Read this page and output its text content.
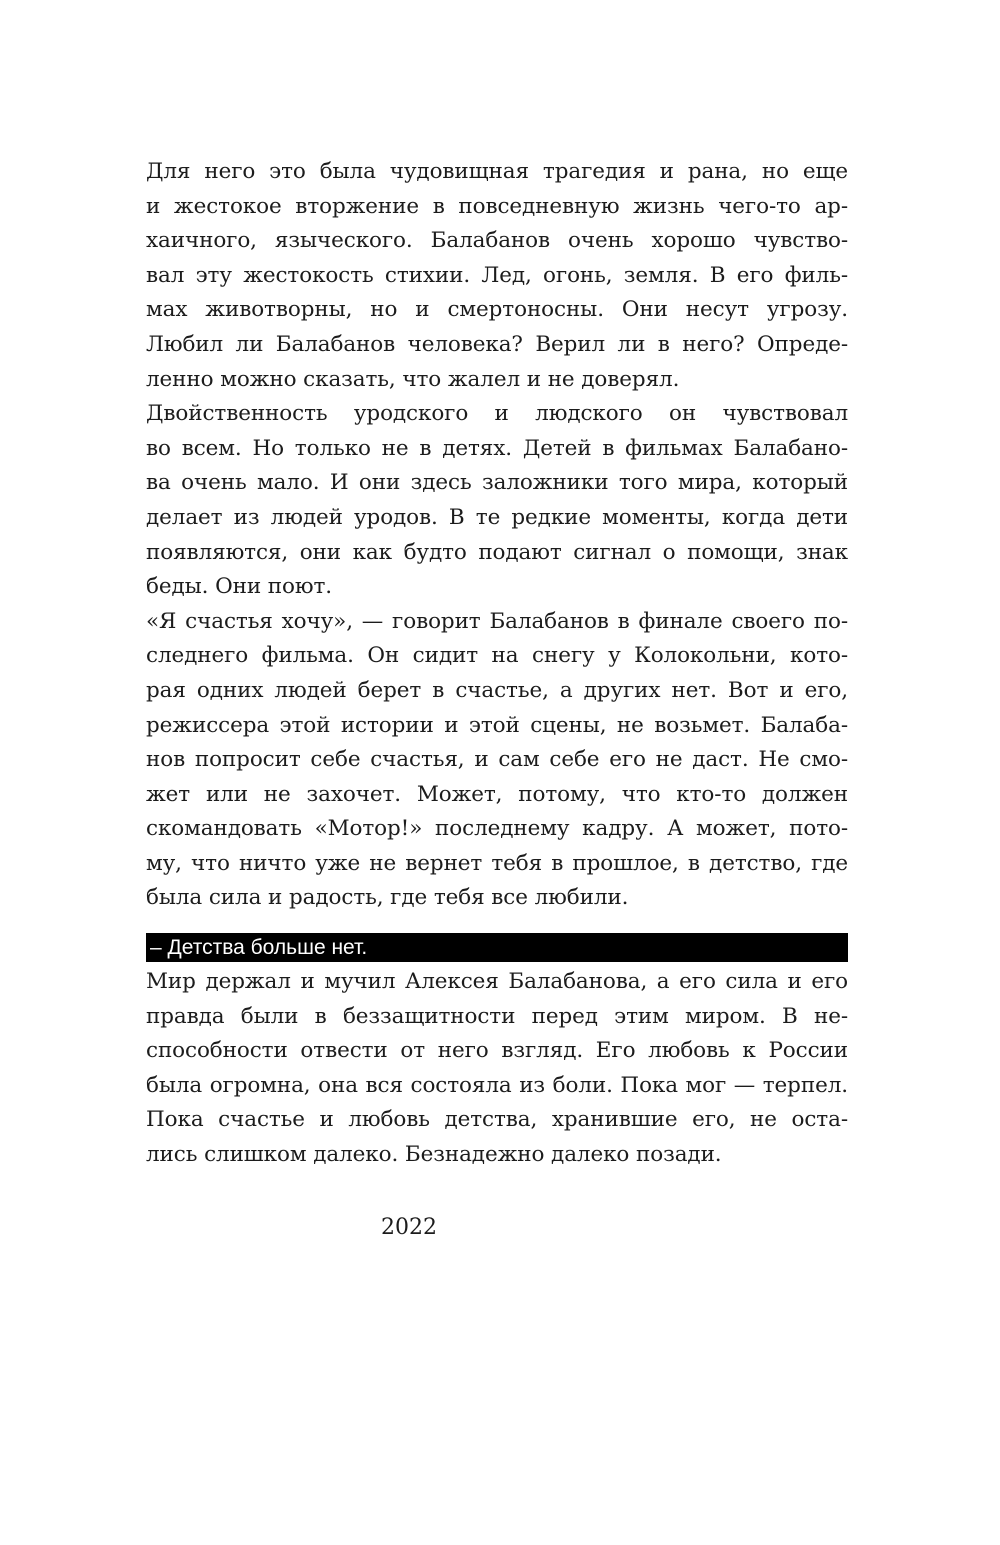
Для него это была чудовищная трагедия и рана, но еще
и жестокое вторжение в повседневную жизнь чего-то ар-
хаичного, языческого. Балабанов очень хорошо чувство-
вал эту жестокость стихии. Лед, огонь, земля. В его филь-
мах животворны, но и смертоносны. Они несут угрозу.
Любил ли Балабанов человека? Верил ли в него? Опреде-
ленно можно сказать, что жалел и не доверял.
Двойственность уродского и людского он чувствовал
во всем. Но только не в детях. Детей в фильмах Балабано-
ва очень мало. И они здесь заложники того мира, который
делает из людей уродов. В те редкие моменты, когда дети
появляются, они как будто подают сигнал о помощи, знак
беды. Они поют.
«Я счастья хочу», — говорит Балабанов в финале своего по-
следнего фильма. Он сидит на снегу у Колокольни, кото-
рая одних людей берет в счастье, а других нет. Вот и его,
режиссера этой истории и этой сцены, не возьмет. Балаба-
нов попросит себе счастья, и сам себе его не даст. Не смо-
жет или не захочет. Может, потому, что кто-то должен
скомандовать «Мотор!» последнему кадру. А может, пото-
му, что ничто уже не вернет тебя в прошлое, в детство, где
была сила и радость, где тебя все любили.
– Детства больше нет.
Мир держал и мучил Алексея Балабанова, а его сила и его
правда были в беззащитности перед этим миром. В не-
способности отвести от него взгляд. Его любовь к России
была огромна, она вся состояла из боли. Пока мог — терпел.
Пока счастье и любовь детства, хранившие его, не оста-
лись слишком далеко. Безнадежно далеко позади.
2022
